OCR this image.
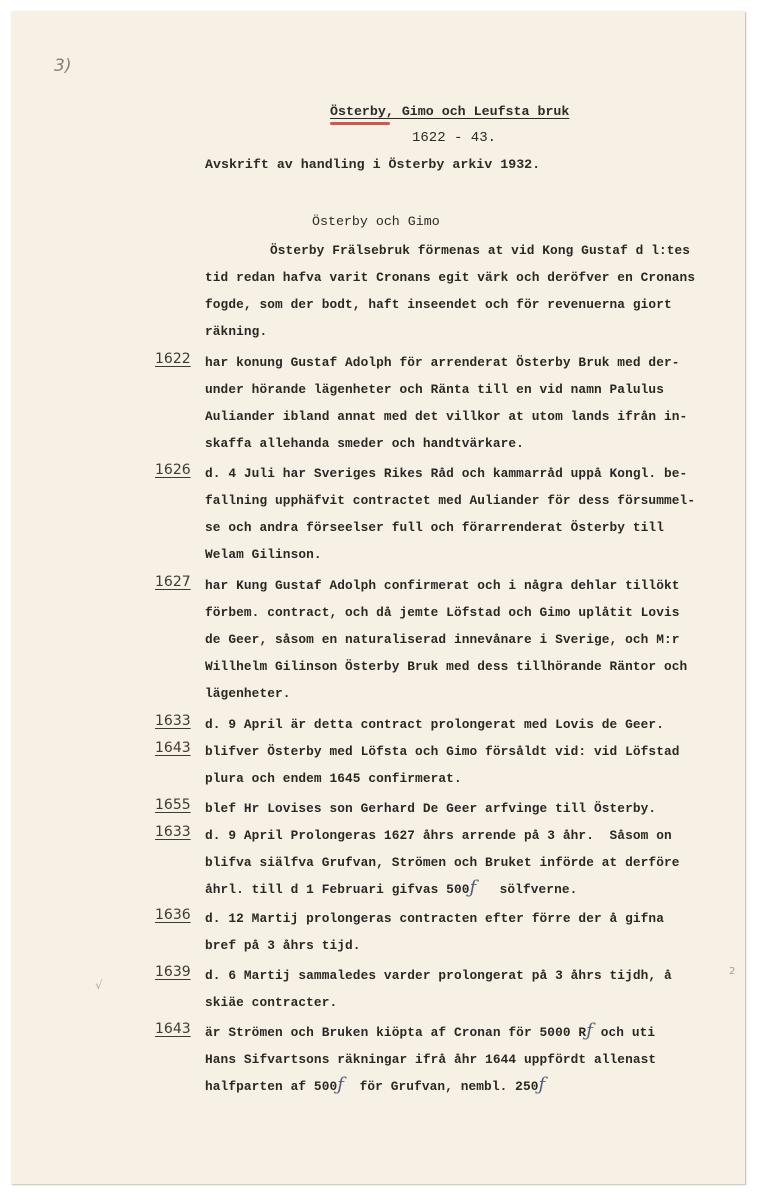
3)
√
2
Österby, Gimo och Leufsta bruk
1622 - 43.
Avskrift av handling i Österby arkiv 1932.
Österby och Gimo
Österby Frälsebruk förmenas at vid Kong Gustaf d l:tes
tid redan hafva varit Cronans egit värk och deröfver en Cronans
fogde, som der bodt, haft inseendet och för revenuerna giort
räkning.
1622 har konung Gustaf Adolph för arrenderat Österby Bruk med der-
under hörande lägenheter och Ränta till en vid namn Palulus
Auliander ibland annat med det villkor at utom lands ifrån in-
skaffa allehanda smeder och handtvärkare.
1626 d. 4 Juli har Sveriges Rikes Råd och kammarråd uppå Kongl. be-
fallning upphäfvit contractet med Auliander för dess försummel-
se och andra förseelser full och förarrenderat Österby till
Welam Gilinson.
1627 har Kung Gustaf Adolph confirmerat och i några dehlar tillökt
förbem. contract, och då jemte Löfstad och Gimo uplåtit Lovis
de Geer, såsom en naturaliserad innevånare i Sverige, och M:r
Willhelm Gilinson Österby Bruk med dess tillhörande Räntor och
lägenheter.
1633 d. 9 April är detta contract prolongerat med Lovis de Geer.
1643 blifver Österby med Löfsta och Gimo försåldt vid: vid Löfstad
plura och endem 1645 confirmerat.
1655 blef Hr Lovises son Gerhard De Geer arfvinge till Österby.
1633 d. 9 April Prolongeras 1627 åhrs arrende på 3 åhr.  Såsom on
blifva siälfva Grufvan, Strömen och Bruket införde at derföre
åhrl. till d 1 Februari gifvas 500ƒ sölfverne.
1636 d. 12 Martij prolongeras contracten efter förre der å gifna
bref på 3 åhrs tijd.
1639 d. 6 Martij sammaledes varder prolongerat på 3 åhrs tijdh, å
skiäe contracter.
1643 är Strömen och Bruken kiöpta af Cronan för 5000 Rƒ och uti
Hans Sifvartsons räkningar ifrå åhr 1644 uppfördt allenast
halfparten af 500ƒ för Grufvan, nembl. 250ƒ
